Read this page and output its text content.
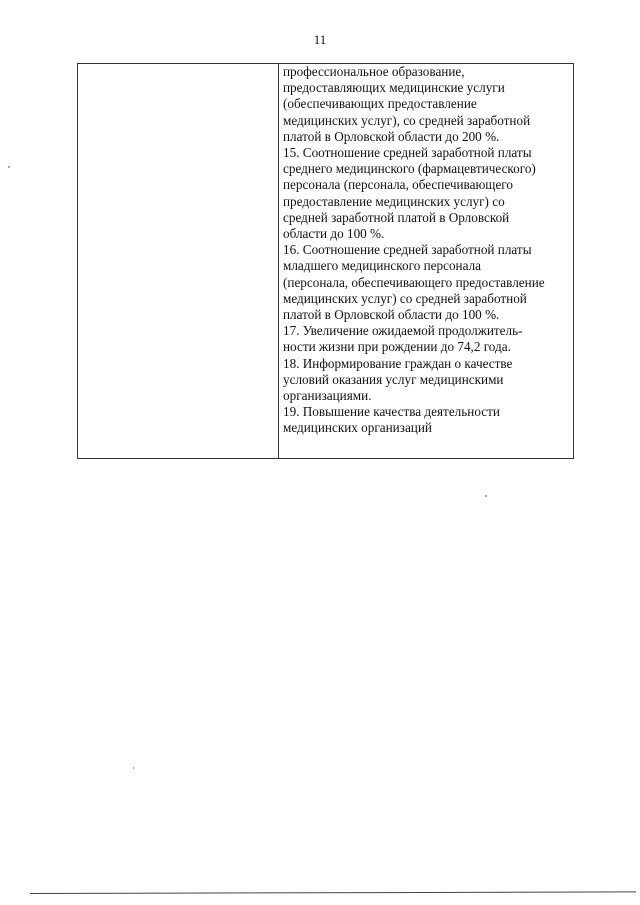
11

профессиональное образование,
предоставляющих медицинские услуги
(обеспечивающих предоставление
медицинских услуг), со средней заработной
платой в Орловской области до 200 %.

15. Соотношение средней заработной платы
среднего медицинского (фармацевтического)
персонала (персонала, обеспечивающего
предоставление медицинских услуг) со
средней заработной платой в Орловской
области до 100 %.

16. Соотношение средней заработной платы
младшего медицинского персонала
(персонала, обеспечивающего предоставление
медицинских услуг) со средней заработной
платой в Орловской области до 100 %.

17. Увеличение ожидаемой продолжитель-
ности жизни при рождении до 74,2 года.

18. Информирование граждан о качестве
условий оказания услуг медицинскими
организациями.

19. Повышение качества деятельности
медицинских организаций
